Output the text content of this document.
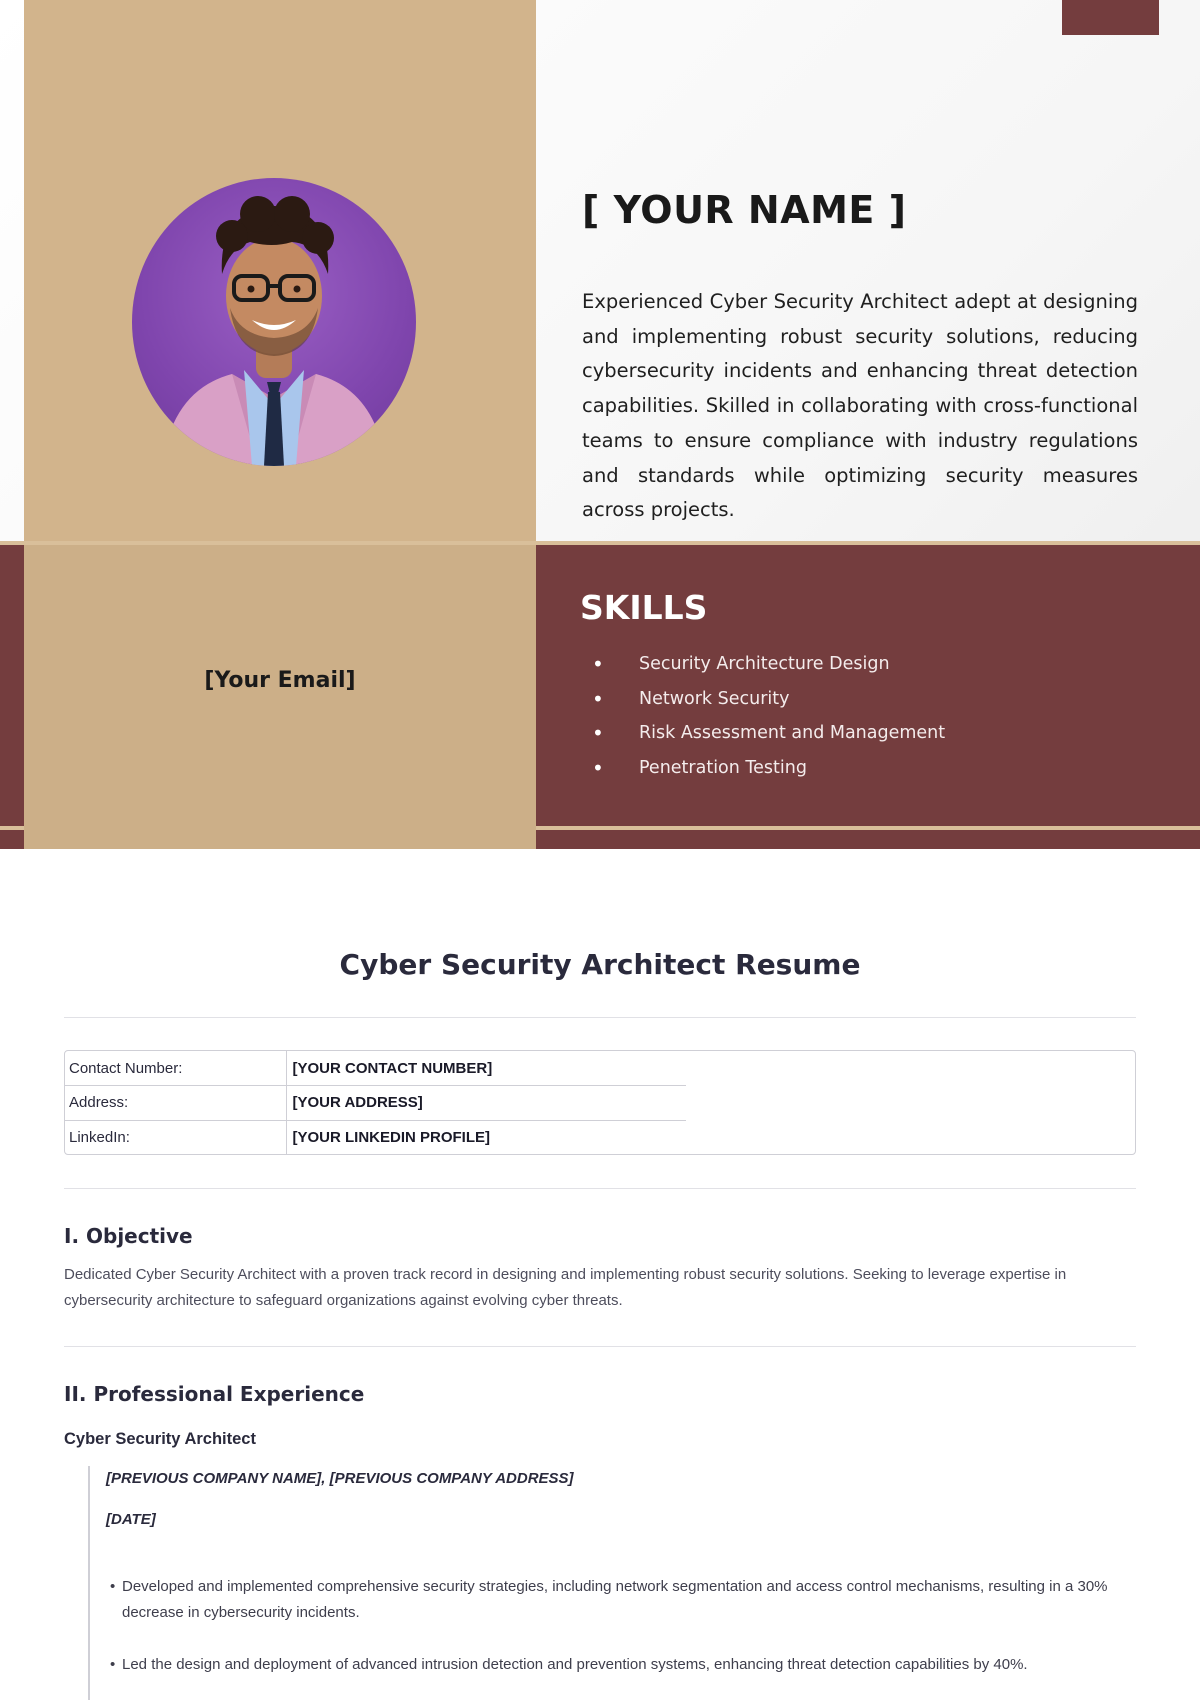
[ YOUR NAME ]

Experienced Cyber Security Architect adept at designing and implementing robust security solutions, reducing cybersecurity incidents and enhancing threat detection capabilities. Skilled in collaborating with cross-functional teams to ensure compliance with industry regulations and standards while optimizing security measures across projects.

[Your Email]
SKILLS
• Security Architecture Design
• Network Security
• Risk Assessment and Management
• Penetration Testing
Cyber Security Architect Resume
Contact Number:	[YOUR CONTACT NUMBER]
Address:	[YOUR ADDRESS]
LinkedIn:	[YOUR LINKEDIN PROFILE]
I. Objective

Dedicated Cyber Security Architect with a proven track record in designing and implementing robust security solutions. Seeking to leverage expertise in cybersecurity architecture to safeguard organizations against evolving cyber threats.

II. Professional Experience
Cyber Security Architect
[PREVIOUS COMPANY NAME], [PREVIOUS COMPANY ADDRESS]
[DATE]

• Developed and implemented comprehensive security strategies, including network segmentation and access control mechanisms, resulting in a 30% decrease in cybersecurity incidents.

• Led the design and deployment of advanced intrusion detection and prevention systems, enhancing threat detection capabilities by 40%.
